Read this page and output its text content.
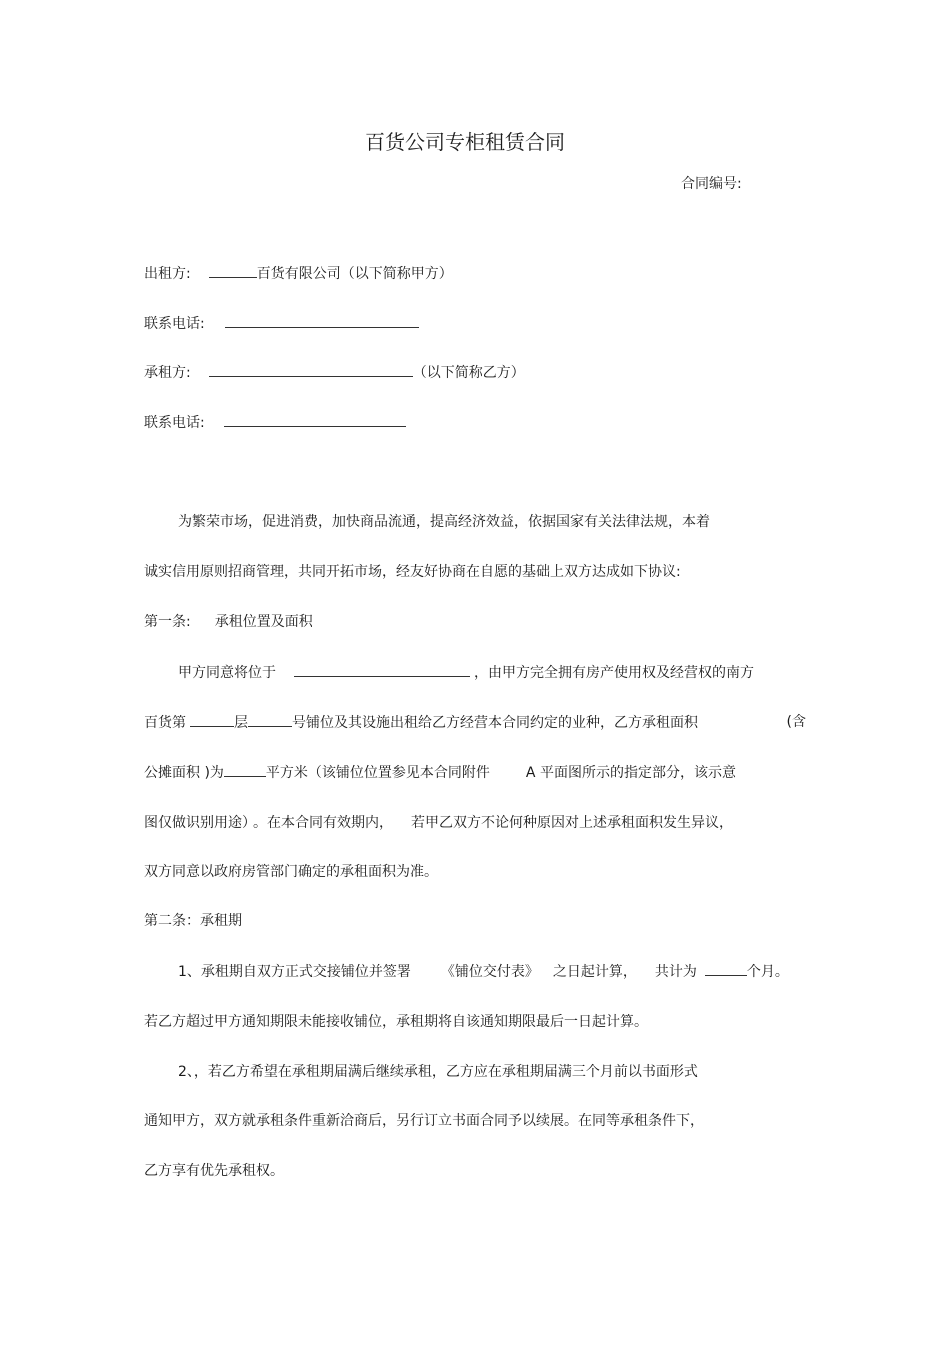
百货公司专柜租赁合同
合同编号:
出租方:	百货有限公司（以下简称甲方）
联系电话:
承租方:	（以下简称乙方）
联系电话:
为繁荣市场，促进消费，加快商品流通，提高经济效益，依据国家有关法律法规，本着
诚实信用原则招商管理，共同开拓市场，经友好协商在自愿的基础上双方达成如下协议:
第一条: 承租位置及面积
甲方同意将位于	，由甲方完全拥有房产使用权及经营权的南方
百货第	层	号铺位及其设施出租给乙方经营本合同约定的业种，乙方承租面积	(含
公摊面积 )为	平方米（该铺位位置参见本合同附件	A 平面图所示的指定部分，该示意
图仅做识别用途） 。在本合同有效期内， 若甲乙双方不论何种原因对上述承租面积发生异议，
双方同意以政府房管部门确定的承租面积为准。
第二条：承租期
1、承租期自双方正式交接铺位并签署 《铺位交付表》 之日起计算， 共计为	个月。
若乙方超过甲方通知期限未能接收铺位，承租期将自该通知期限最后一日起计算。
2、，若乙方希望在承租期届满后继续承租，乙方应在承租期届满三个月前以书面形式
通知甲方，双方就承租条件重新洽商后，另行订立书面合同予以续展。在同等承租条件下，
乙方享有优先承租权。
